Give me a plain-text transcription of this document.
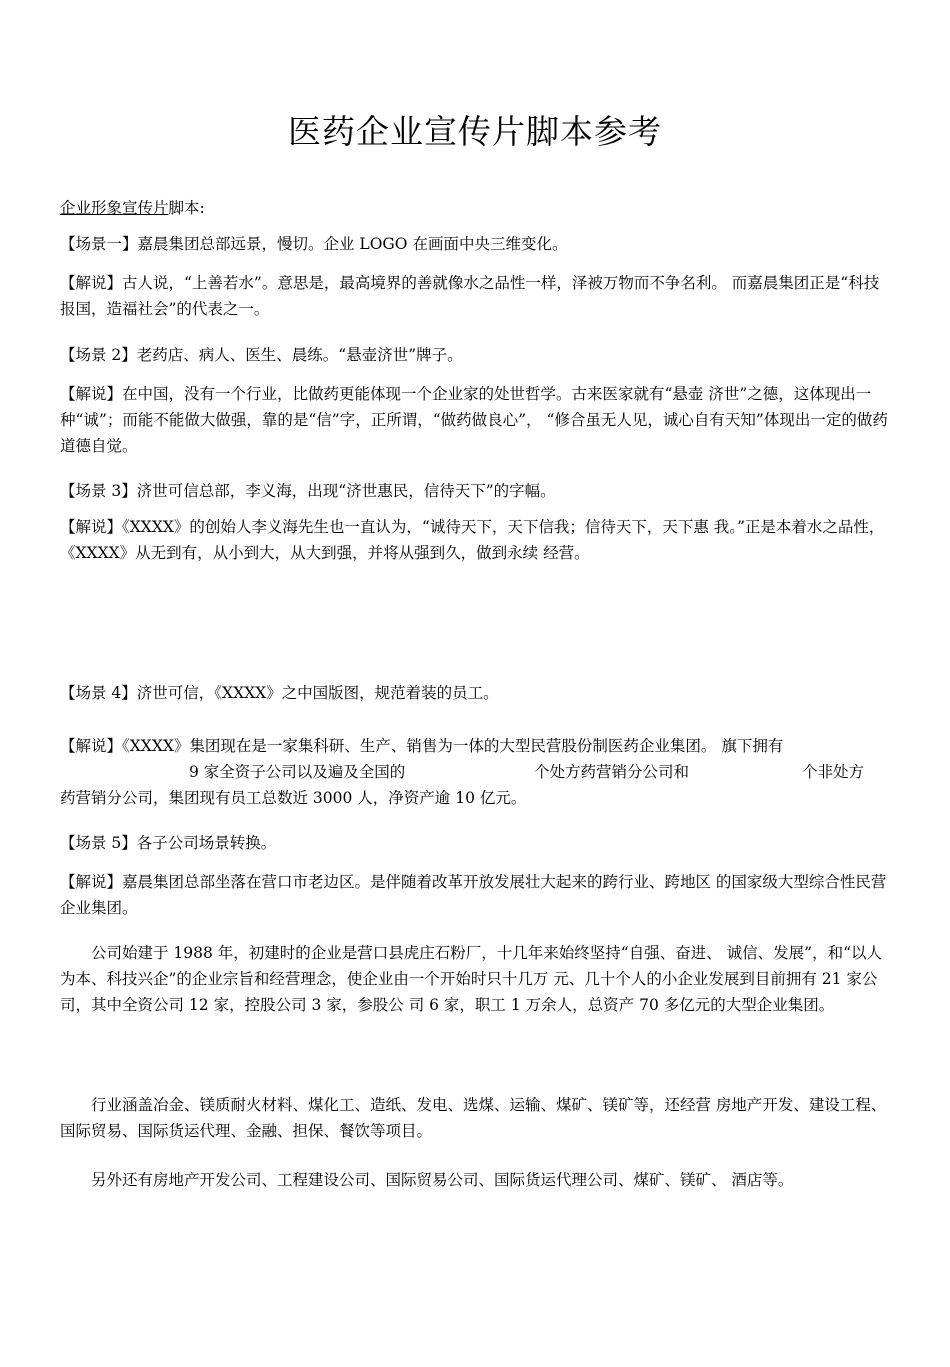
医药企业宣传片脚本参考

企业形象宣传片脚本:

【场景一】嘉晨集团总部远景，慢切。企业 LOGO 在画面中央三维变化。

【解说】古人说，“上善若水”。意思是，最高境界的善就像水之品性一样，泽被万物而不争名利。 而嘉晨集团正是“科技报国，造福社会”的代表之一。

【场景 2】老药店、病人、医生、晨练。“悬壶济世”牌子。

【解说】在中国，没有一个行业，比做药更能体现一个企业家的处世哲学。古来医家就有“悬壶 济世”之德，这体现出一种“诚”；而能不能做大做强，靠的是“信”字，正所谓，“做药做良心”， “修合虽无人见，诚心自有天知”体现出一定的做药道德自觉。

【场景 3】济世可信总部，李义海，出现“济世惠民，信待天下”的字幅。

【解说】《XXXX》的创始人李义海先生也一直认为，“诚待天下，天下信我；信待天下，天下惠 我。”正是本着水之品性，《XXXX》从无到有，从小到大，从大到强，并将从强到久，做到永续 经营。

【场景 4】济世可信，《XXXX》之中国版图，规范着装的员工。

【解说】《XXXX》集团现在是一家集科研、生产、销售为一体的大型民营股份制医药企业集团。 旗下拥有

9 家全资子公司以及遍及全国的

	个处方药营销分公司和

	个非处方

药营销分公司，集团现有员工总数近 3000 人，净资产逾 10 亿元。

【场景 5】各子公司场景转换。

【解说】嘉晨集团总部坐落在营口市老边区。是伴随着改革开放发展壮大起来的跨行业、跨地区 的国家级大型综合性民营企业集团。

公司始建于 1988 年，初建时的企业是营口县虎庄石粉厂，十几年来始终坚持“自强、奋进、 诚信、发展”，和“以人为本、科技兴企”的企业宗旨和经营理念，使企业由一个开始时只十几万 元、几十个人的小企业发展到目前拥有 21 家公司，其中全资公司 12 家，控股公司 3 家，参股公 司 6 家，职工 1 万余人，总资产 70 多亿元的大型企业集团。

行业涵盖冶金、镁质耐火材料、煤化工、造纸、发电、选煤、运输、煤矿、镁矿等，还经营 房地产开发、建设工程、国际贸易、国际货运代理、金融、担保、餐饮等项目。

另外还有房地产开发公司、工程建设公司、国际贸易公司、国际货运代理公司、煤矿、镁矿、 酒店等。
